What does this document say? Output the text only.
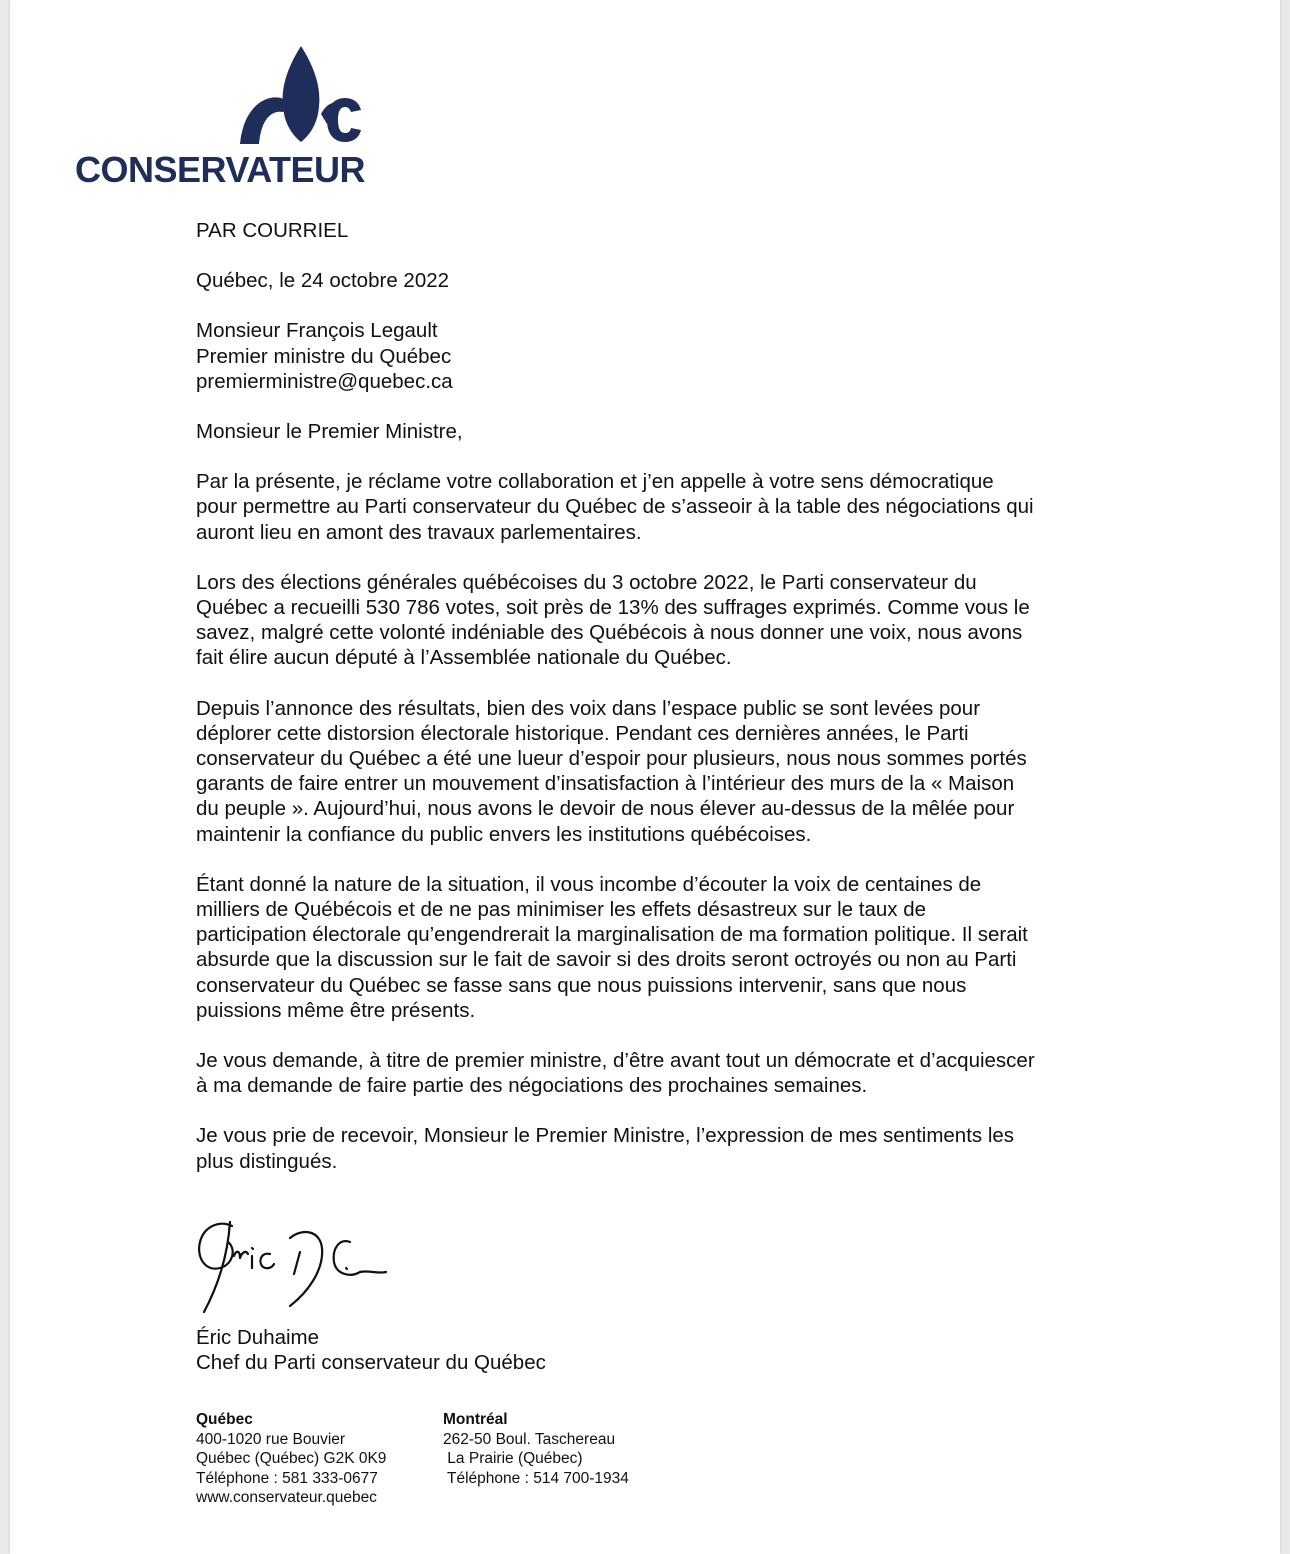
CONSERVATEUR

PAR COURRIEL

Québec, le 24 octobre 2022

Monsieur François Legault
Premier ministre du Québec
premierministre@quebec.ca

Monsieur le Premier Ministre,

Par la présente, je réclame votre collaboration et j’en appelle à votre sens démocratique
pour permettre au Parti conservateur du Québec de s’asseoir à la table des négociations qui
auront lieu en amont des travaux parlementaires.

Lors des élections générales québécoises du 3 octobre 2022, le Parti conservateur du
Québec a recueilli 530 786 votes, soit près de 13% des suffrages exprimés. Comme vous le
savez, malgré cette volonté indéniable des Québécois à nous donner une voix, nous avons
fait élire aucun député à l’Assemblée nationale du Québec.

Depuis l’annonce des résultats, bien des voix dans l’espace public se sont levées pour
déplorer cette distorsion électorale historique. Pendant ces dernières années, le Parti
conservateur du Québec a été une lueur d’espoir pour plusieurs, nous nous sommes portés
garants de faire entrer un mouvement d’insatisfaction à l’intérieur des murs de la « Maison
du peuple ». Aujourd’hui, nous avons le devoir de nous élever au-dessus de la mêlée pour
maintenir la confiance du public envers les institutions québécoises.

Étant donné la nature de la situation, il vous incombe d’écouter la voix de centaines de
milliers de Québécois et de ne pas minimiser les effets désastreux sur le taux de
participation électorale qu’engendrerait la marginalisation de ma formation politique. Il serait
absurde que la discussion sur le fait de savoir si des droits seront octroyés ou non au Parti
conservateur du Québec se fasse sans que nous puissions intervenir, sans que nous
puissions même être présents.

Je vous demande, à titre de premier ministre, d’être avant tout un démocrate et d’acquiescer
à ma demande de faire partie des négociations des prochaines semaines.

Je vous prie de recevoir, Monsieur le Premier Ministre, l’expression de mes sentiments les
plus distingués.

Éric Duhaime
Chef du Parti conservateur du Québec
Québec
400-1020 rue Bouvier
Québec (Québec) G2K 0K9
Téléphone : 581 333-0677
www.conservateur.quebec
Montréal
262-50 Boul. Taschereau
La Prairie (Québec)
Téléphone : 514 700-1934
